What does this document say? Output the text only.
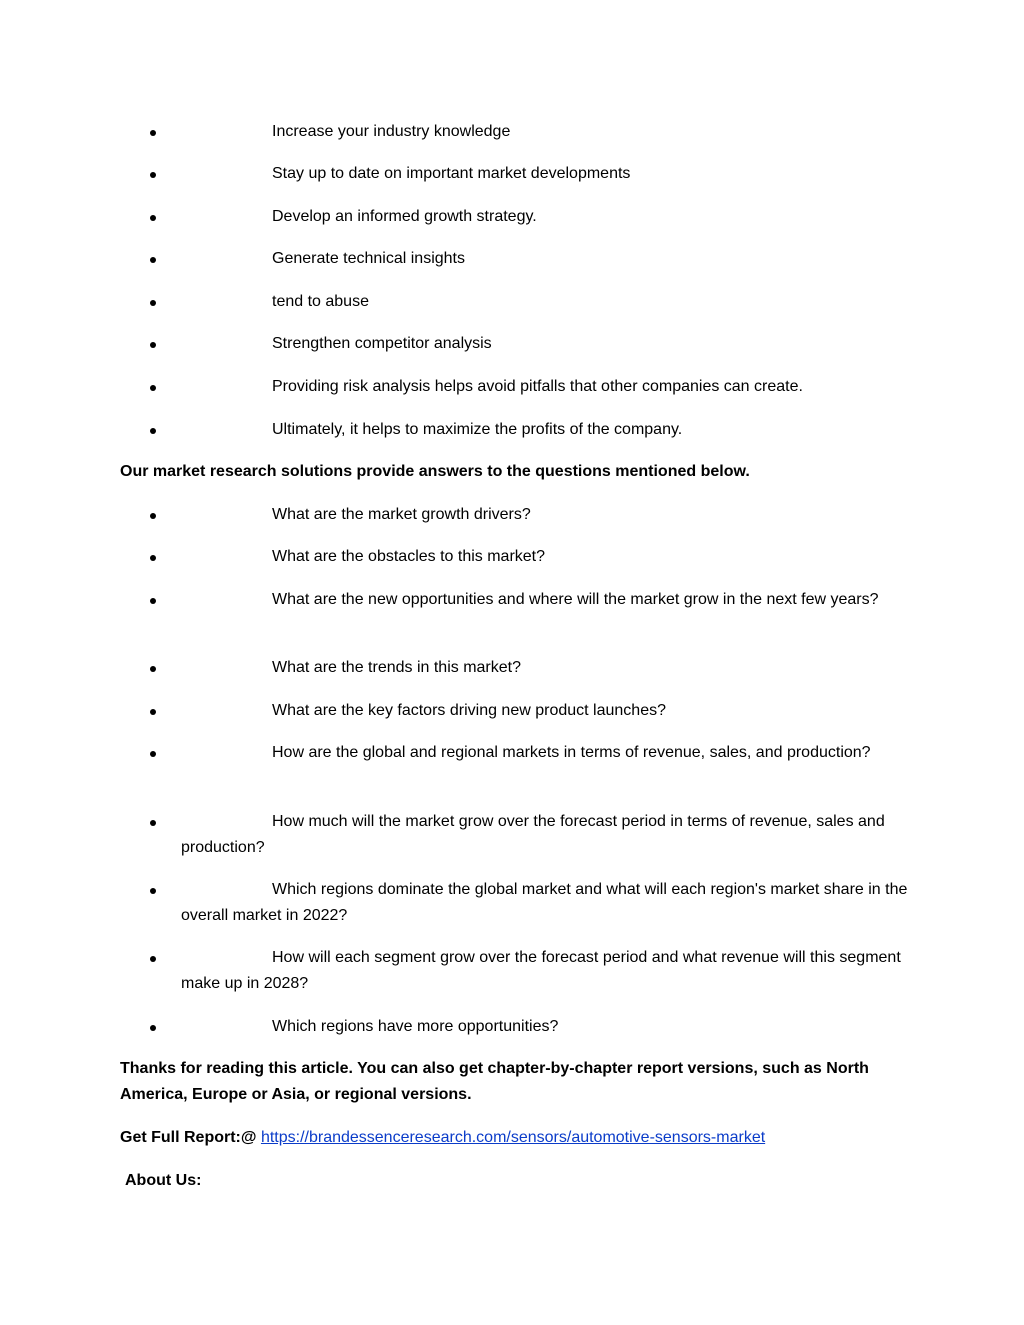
Increase your industry knowledge
Stay up to date on important market developments
Develop an informed growth strategy.
Generate technical insights
tend to abuse
Strengthen competitor analysis
Providing risk analysis helps avoid pitfalls that other companies can create.
Ultimately, it helps to maximize the profits of the company.

Our market research solutions provide answers to the questions mentioned below.

What are the market growth drivers?
What are the obstacles to this market?
What are the new opportunities and where will the market grow in the next few years?
What are the trends in this market?
What are the key factors driving new product launches?
How are the global and regional markets in terms of revenue, sales, and production?
How much will the market grow over the forecast period in terms of revenue, sales and production?
Which regions dominate the global market and what will each region's market share in the overall market in 2022?
How will each segment grow over the forecast period and what revenue will this segment make up in 2028?
Which regions have more opportunities?

Thanks for reading this article. You can also get chapter-by-chapter report versions, such as North America, Europe or Asia, or regional versions.

Get Full Report:@ https://brandessenceresearch.com/sensors/automotive-sensors-market

About Us:
